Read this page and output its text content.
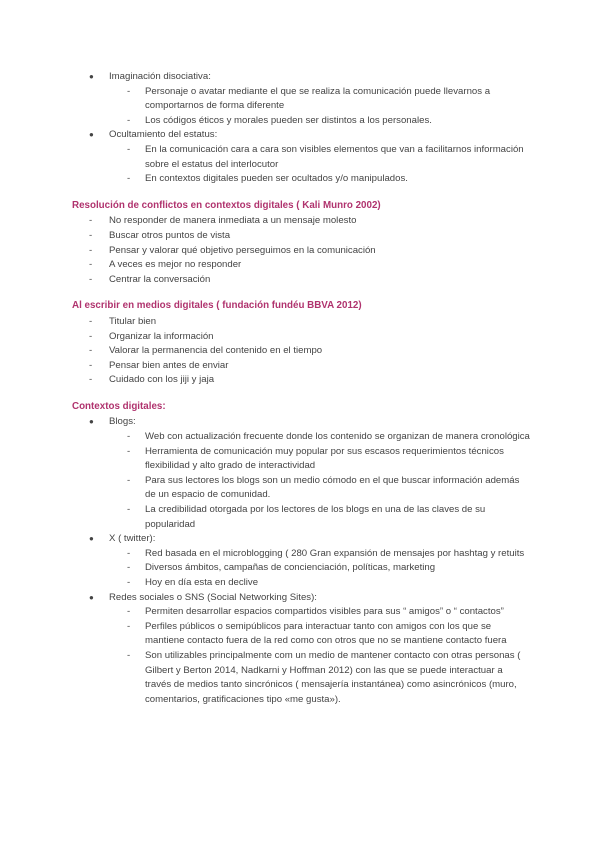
● Imaginación disociativa:
- Personaje o avatar mediante el que se realiza la comunicación puede llevarnos a comportarnos de forma diferente
- Los códigos éticos y morales pueden ser distintos a los personales.
● Ocultamiento del estatus:
- En la comunicación cara a cara son visibles elementos que van a facilitarnos información sobre el estatus del interlocutor
- En contextos digitales pueden ser ocultados y/o manipulados.
Resolución de conflictos en contextos digitales ( Kali Munro 2002)
- No responder de manera inmediata a un mensaje molesto
- Buscar otros puntos de vista
- Pensar y valorar qué objetivo perseguimos en la comunicación
- A veces es mejor no responder
- Centrar la conversación
Al escribir en medios digitales ( fundación fundéu BBVA 2012)
- Titular bien
- Organizar la información
- Valorar la permanencia del contenido en el tiempo
- Pensar bien antes de enviar
- Cuidado con los jiji y jaja
Contextos digitales:
● Blogs:
- Web con actualización frecuente donde los contenido se organizan de manera cronológica
- Herramienta de comunicación muy popular por sus escasos requerimientos técnicos flexibilidad y alto grado de interactividad
- Para sus lectores los blogs son un medio cómodo en el que buscar información además de un espacio de comunidad.
- La credibilidad otorgada por los lectores de los blogs en una de las claves de su popularidad
● X ( twitter):
- Red basada en el microblogging ( 280 Gran expansión de mensajes por hashtag y retuits
- Diversos ámbitos, campañas de concienciación, políticas, marketing
- Hoy en día esta en declive
● Redes sociales o SNS (Social Networking Sites):
- Permiten desarrollar espacios compartidos visibles para sus “ amigos” o “ contactos”
- Perfiles públicos o semipúblicos para interactuar tanto con amigos con los que se mantiene contacto fuera de la red como con otros que no se mantiene contacto fuera
- Son utilizables principalmente com un medio de mantener contacto con otras personas ( Gilbert y Berton 2014, Nadkarni y Hoffman 2012) con las que se puede interactuar a través de medios tanto sincrónicos ( mensajería instantánea) como asincrónicos (muro, comentarios, gratificaciones tipo «me gusta»).
